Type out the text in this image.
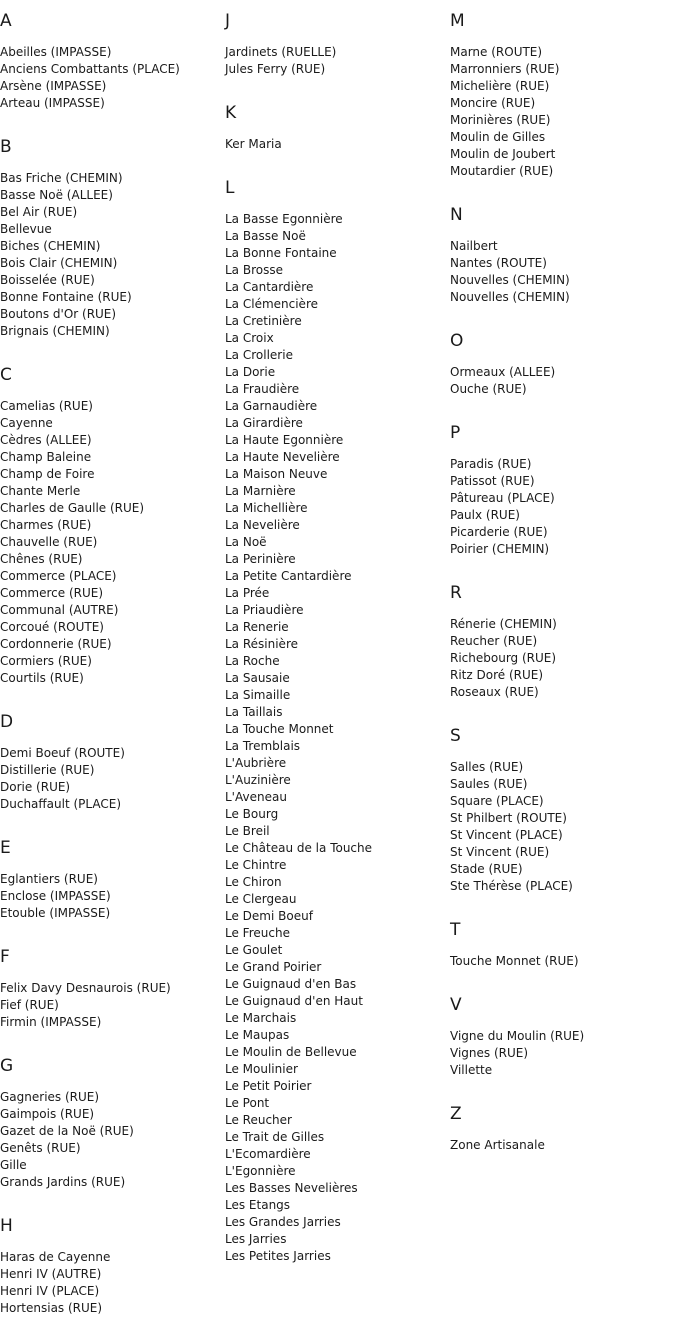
A
Abeilles (IMPASSE)
Anciens Combattants (PLACE)
Arsène (IMPASSE)
Arteau (IMPASSE)
B
Bas Friche (CHEMIN)
Basse Noë (ALLEE)
Bel Air (RUE)
Bellevue
Biches (CHEMIN)
Bois Clair (CHEMIN)
Boisselée (RUE)
Bonne Fontaine (RUE)
Boutons d'Or (RUE)
Brignais (CHEMIN)
C
Camelias (RUE)
Cayenne
Cèdres (ALLEE)
Champ Baleine
Champ de Foire
Chante Merle
Charles de Gaulle (RUE)
Charmes (RUE)
Chauvelle (RUE)
Chênes (RUE)
Commerce (PLACE)
Commerce (RUE)
Communal (AUTRE)
Corcoué (ROUTE)
Cordonnerie (RUE)
Cormiers (RUE)
Courtils (RUE)
D
Demi Boeuf (ROUTE)
Distillerie (RUE)
Dorie (RUE)
Duchaffault (PLACE)
E
Eglantiers (RUE)
Enclose (IMPASSE)
Etouble (IMPASSE)
F
Felix Davy Desnaurois (RUE)
Fief (RUE)
Firmin (IMPASSE)
G
Gagneries (RUE)
Gaimpois (RUE)
Gazet de la Noë (RUE)
Genêts (RUE)
Gille
Grands Jardins (RUE)
H
Haras de Cayenne
Henri IV (AUTRE)
Henri IV (PLACE)
Hortensias (RUE)
J
Jardinets (RUELLE)
Jules Ferry (RUE)
K
Ker Maria
L
La Basse Egonnière
La Basse Noë
La Bonne Fontaine
La Brosse
La Cantardière
La Clémencière
La Cretinière
La Croix
La Crollerie
La Dorie
La Fraudière
La Garnaudière
La Girardière
La Haute Egonnière
La Haute Nevelière
La Maison Neuve
La Marnière
La Michellière
La Nevelière
La Noë
La Perinière
La Petite Cantardière
La Prée
La Priaudière
La Renerie
La Résinière
La Roche
La Sausaie
La Simaille
La Taillais
La Touche Monnet
La Tremblais
L'Aubrière
L'Auzinière
L'Aveneau
Le Bourg
Le Breil
Le Château de la Touche
Le Chintre
Le Chiron
Le Clergeau
Le Demi Boeuf
Le Freuche
Le Goulet
Le Grand Poirier
Le Guignaud d'en Bas
Le Guignaud d'en Haut
Le Marchais
Le Maupas
Le Moulin de Bellevue
Le Moulinier
Le Petit Poirier
Le Pont
Le Reucher
Le Trait de Gilles
L'Ecomardière
L'Egonnière
Les Basses Nevelières
Les Etangs
Les Grandes Jarries
Les Jarries
Les Petites Jarries
M
Marne (ROUTE)
Marronniers (RUE)
Michelière (RUE)
Moncire (RUE)
Morinières (RUE)
Moulin de Gilles
Moulin de Joubert
Moutardier (RUE)
N
Nailbert
Nantes (ROUTE)
Nouvelles (CHEMIN)
Nouvelles (CHEMIN)
O
Ormeaux (ALLEE)
Ouche (RUE)
P
Paradis (RUE)
Patissot (RUE)
Pâtureau (PLACE)
Paulx (RUE)
Picarderie (RUE)
Poirier (CHEMIN)
R
Rénerie (CHEMIN)
Reucher (RUE)
Richebourg (RUE)
Ritz Doré (RUE)
Roseaux (RUE)
S
Salles (RUE)
Saules (RUE)
Square (PLACE)
St Philbert (ROUTE)
St Vincent (PLACE)
St Vincent (RUE)
Stade (RUE)
Ste Thérèse (PLACE)
T
Touche Monnet (RUE)
V
Vigne du Moulin (RUE)
Vignes (RUE)
Villette
Z
Zone Artisanale
